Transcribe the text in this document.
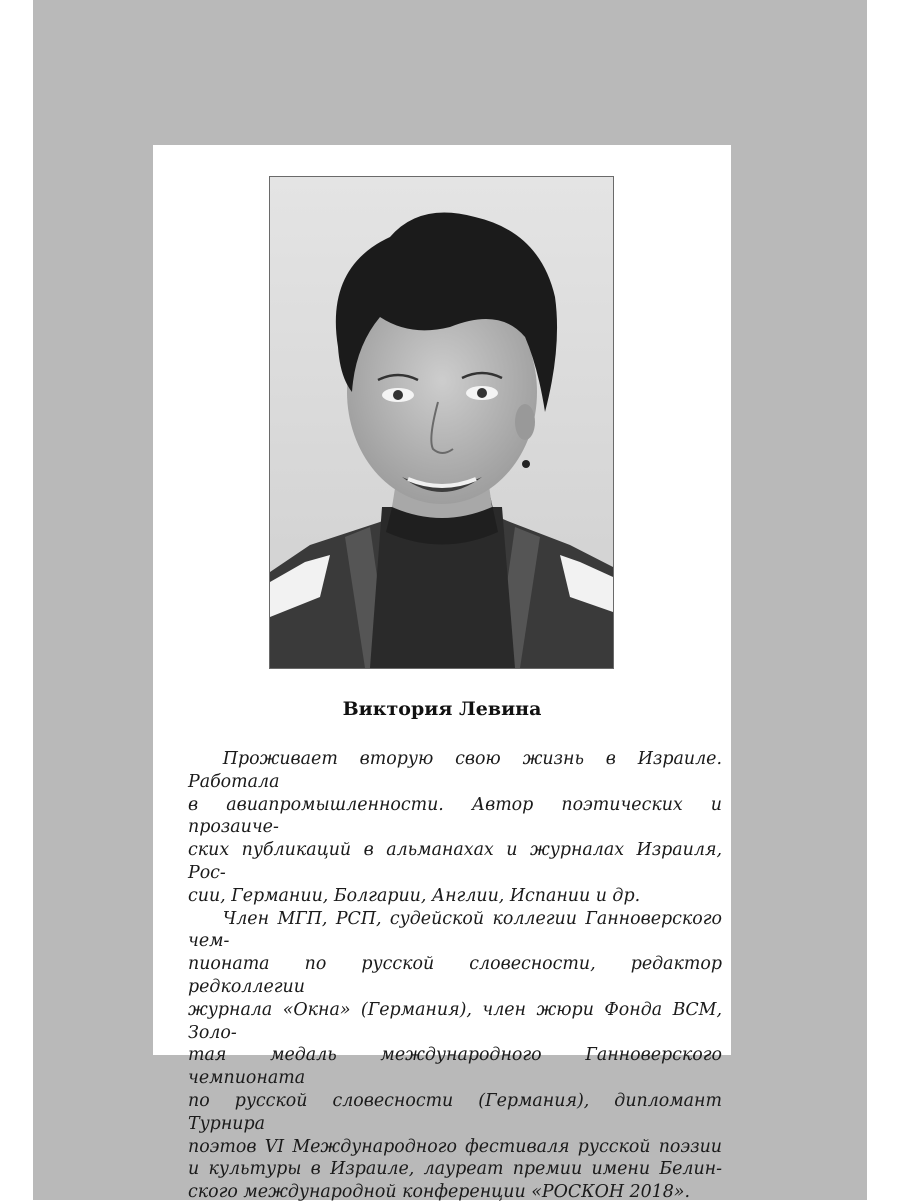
Виктория Левина

Проживает вторую свою жизнь в Израиле. Работала
в авиапромышленности. Автор поэтических и прозаиче-
ских публикаций в альманахах и журналах Израиля, Рос-
сии, Германии, Болгарии, Англии, Испании и др.

Член МГП, РСП, судейской коллегии Ганноверского чем-
пионата по русской словесности, редактор редколлегии
журнала «Окна» (Германия), член жюри Фонда ВСМ, Золо-
тая медаль международного Ганноверского чемпионата
по русской словесности (Германия), дипломант Турнира
поэтов VI Международного фестиваля русской поэзии
и культуры в Израиле, лауреат премии имени Белин-
ского международной конференции «РОСКОН 2018».
